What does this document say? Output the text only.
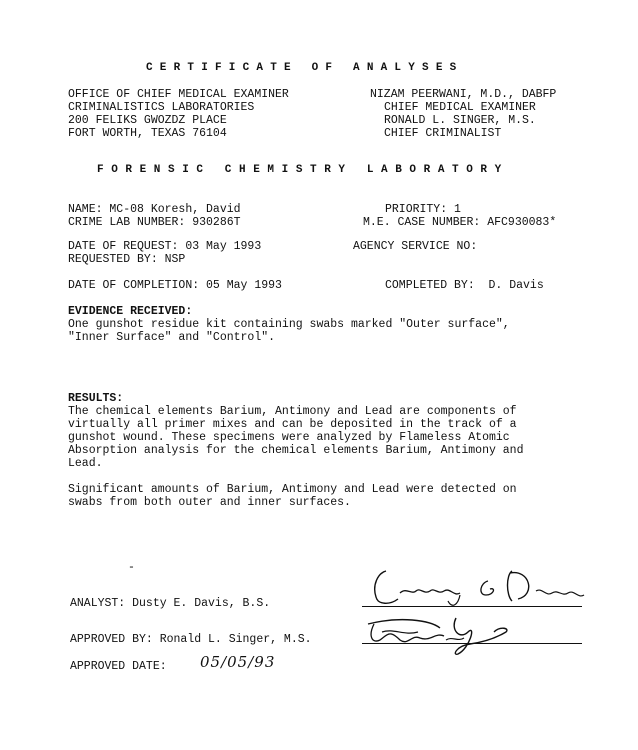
CERTIFICATE OF ANALYSES
OFFICE OF CHIEF MEDICAL EXAMINER
CRIMINALISTICS LABORATORIES
200 FELIKS GWOZDZ PLACE
FORT WORTH, TEXAS 76104
NIZAM PEERWANI, M.D., DABFP
CHIEF MEDICAL EXAMINER
RONALD L. SINGER, M.S.
CHIEF CRIMINALIST
FORENSIC CHEMISTRY LABORATORY
NAME: MC-08 Koresh, David	PRIORITY: 1
CRIME LAB NUMBER: 930286T	M.E. CASE NUMBER: AFC930083*
DATE OF REQUEST: 03 May 1993	AGENCY SERVICE NO:
REQUESTED BY: NSP
DATE OF COMPLETION: 05 May 1993	COMPLETED BY:  D. Davis
EVIDENCE RECEIVED:
One gunshot residue kit containing swabs marked "Outer surface",
"Inner Surface" and "Control".
RESULTS:
The chemical elements Barium, Antimony and Lead are components of
virtually all primer mixes and can be deposited in the track of a
gunshot wound. These specimens were analyzed by Flameless Atomic
Absorption analysis for the chemical elements Barium, Antimony and
Lead.
Significant amounts of Barium, Antimony and Lead were detected on
swabs from both outer and inner surfaces.
-
ANALYST: Dusty E. Davis, B.S.
APPROVED BY: Ronald L. Singer, M.S.
APPROVED DATE: 05/05/93
